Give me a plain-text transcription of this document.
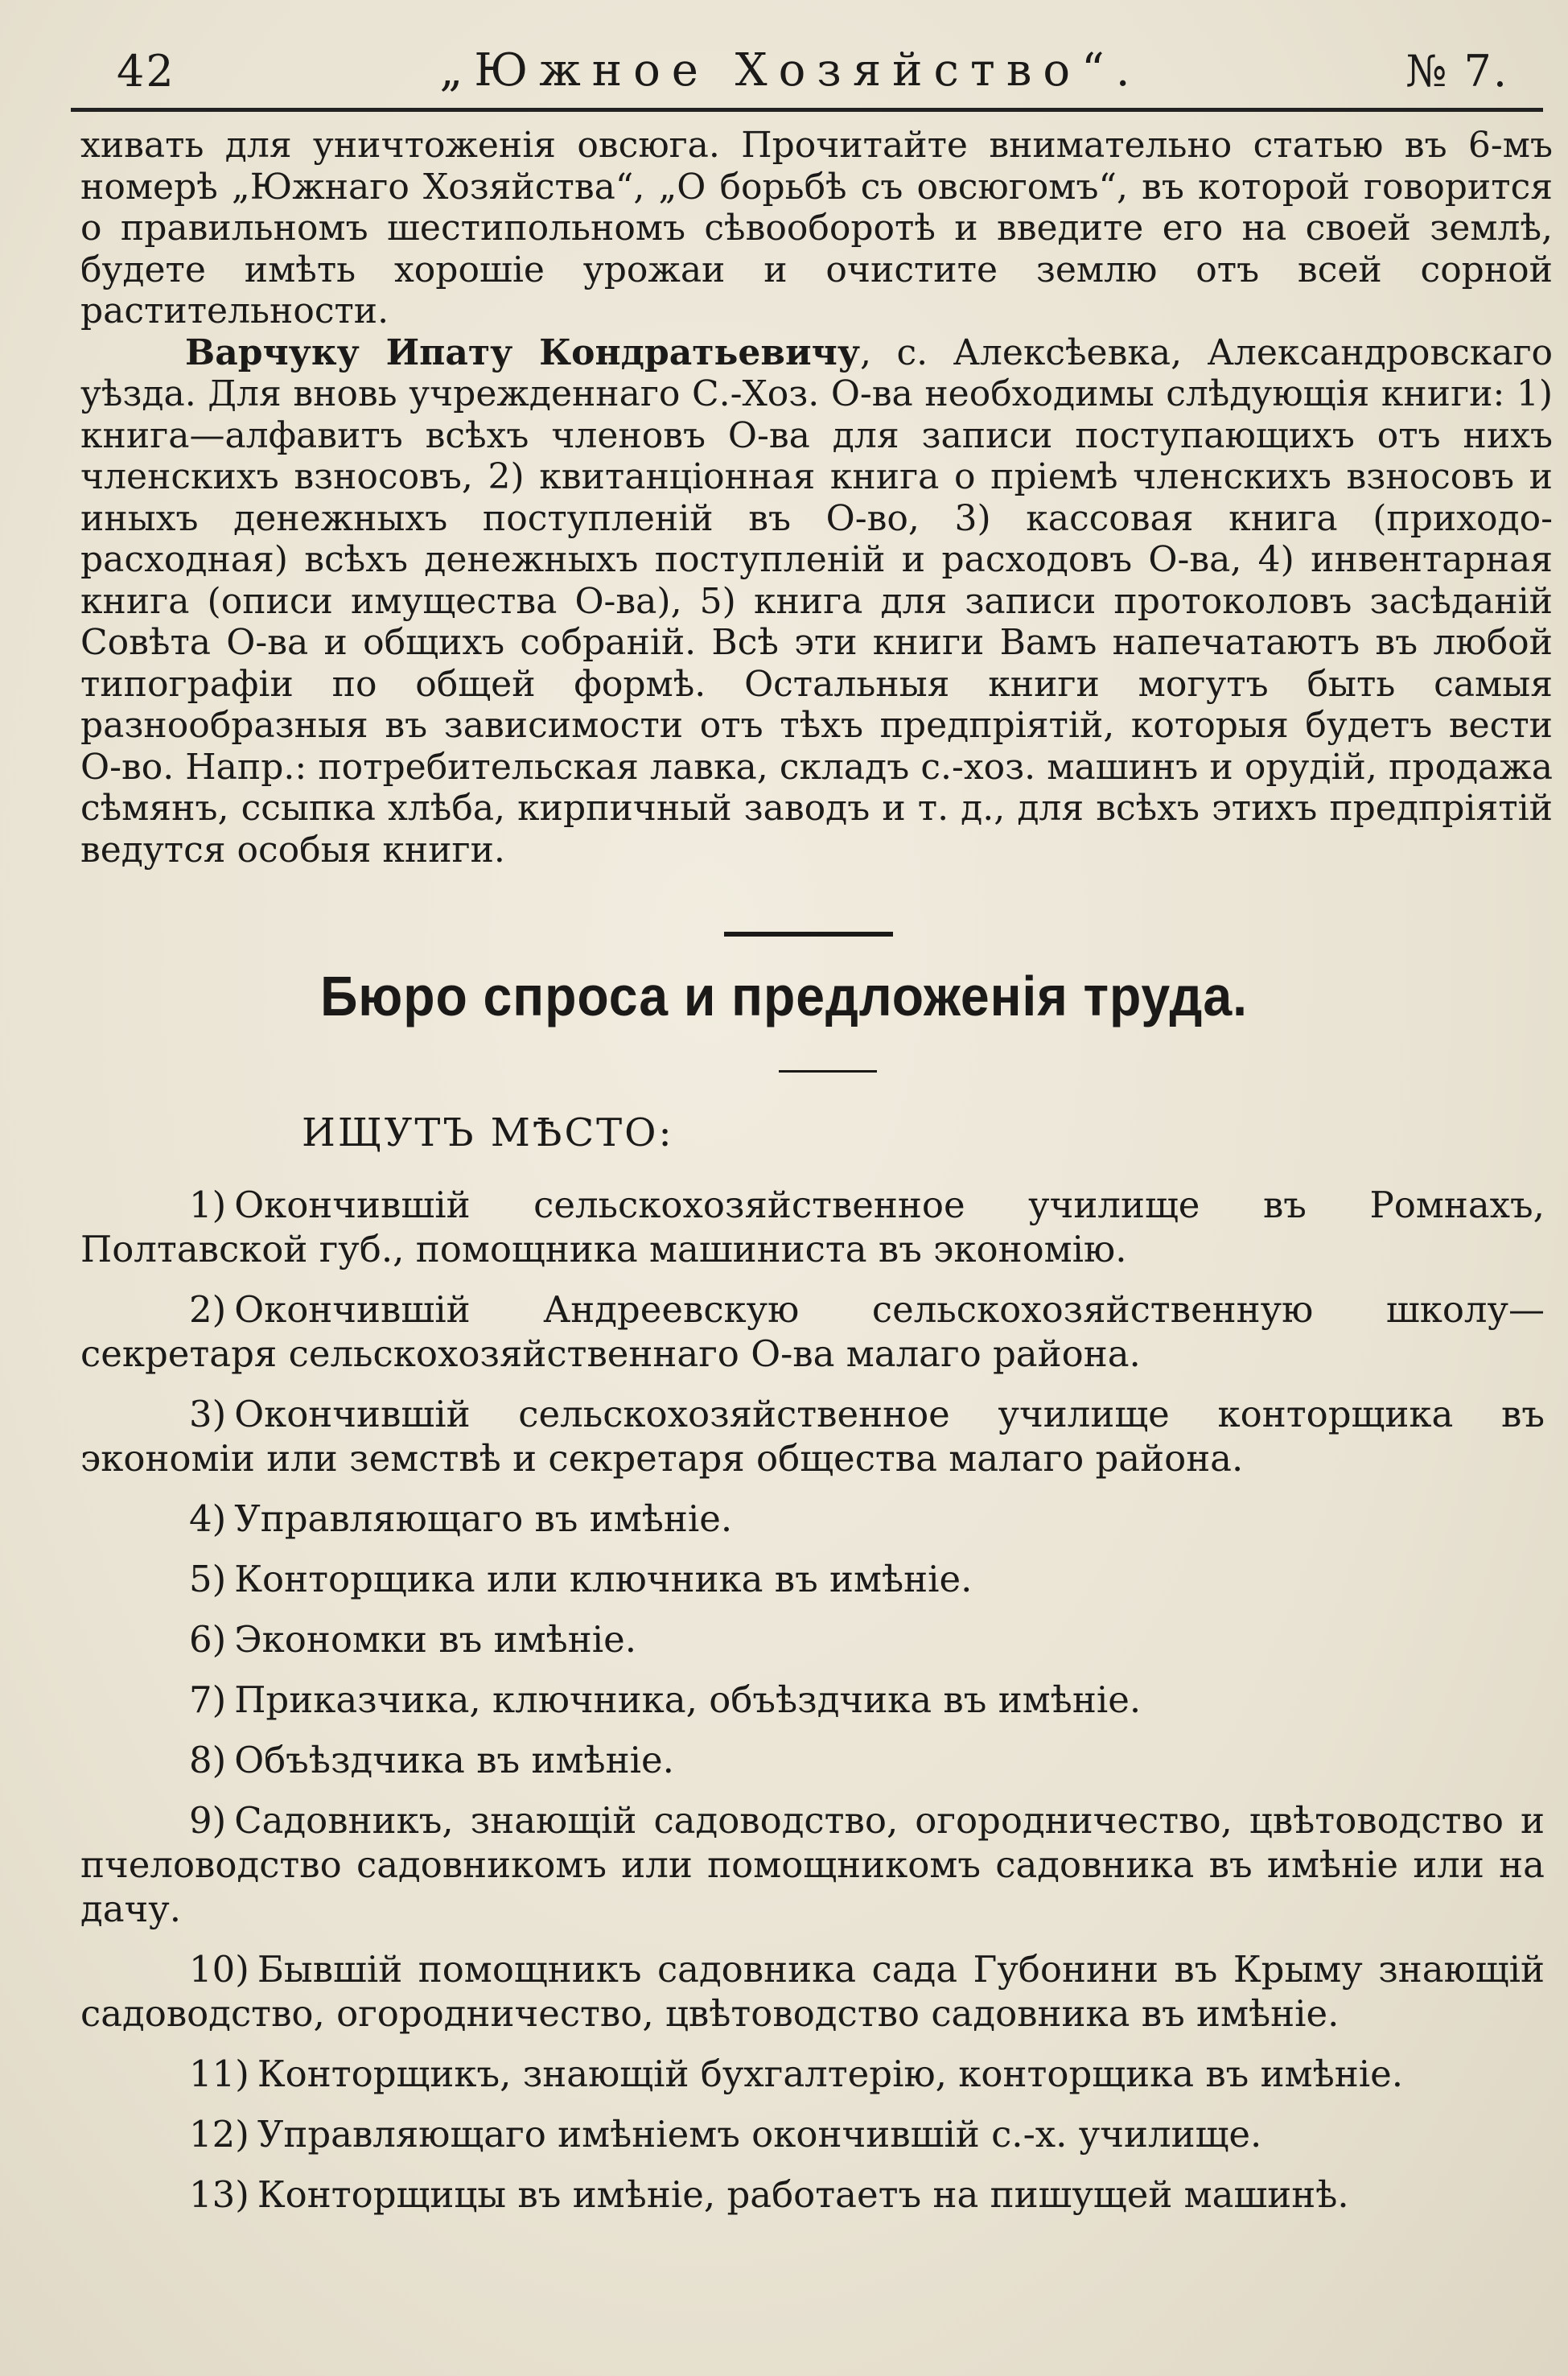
42	„Южное Хозяйство“.	№ 7.

хивать для уничтоженія овсюга. Прочитайте внимательно статью въ 6-мъ номерѣ „Южнаго Хозяйства“, „О борьбѣ съ овсюгомъ“, въ которой говорится о правильномъ шестипольномъ сѣвооборотѣ и введите его на своей землѣ, будете имѣть хорошіе урожаи и очистите землю отъ всей сорной растительности.

Варчуку Ипату Кондратьевичу, с. Алексѣевка, Александровскаго уѣзда. Для вновь учрежденнаго С.-Хоз. О-ва необходимы слѣдующія книги: 1) книга—алфавитъ всѣхъ членовъ О-ва для записи поступающихъ отъ нихъ членскихъ взносовъ, 2) квитанціонная книга о пріемѣ членскихъ взносовъ и иныхъ денежныхъ поступленій въ О-во, 3) кассовая книга (приходо-расходная) всѣхъ денежныхъ поступленій и расходовъ О-ва, 4) инвентарная книга (описи имущества О-ва), 5) книга для записи протоколовъ засѣданій Совѣта О-ва и общихъ собраній. Всѣ эти книги Вамъ напечатаютъ въ любой типографіи по общей формѣ. Остальныя книги могутъ быть самыя разнообразныя въ зависимости отъ тѣхъ предпріятій, которыя будетъ вести О-во. Напр.: потребительская лавка, складъ с.-хоз. машинъ и орудій, продажа сѣмянъ, ссыпка хлѣба, кирпичный заводъ и т. д., для всѣхъ этихъ предпріятій ведутся особыя книги.

Бюро спроса и предложенія труда.
ИЩУТЪ МѢСТО:

1) Окончившій сельскохозяйственное училище въ Ромнахъ, Полтавской губ., помощника машиниста въ экономію.

2) Окончившій Андреевскую сельскохозяйственную школу—секретаря сельскохозяйственнаго О-ва малаго района.

3) Окончившій сельскохозяйственное училище конторщика въ экономіи или земствѣ и секретаря общества малаго района.

4) Управляющаго въ имѣніе.

5) Конторщика или ключника въ имѣніе.

6) Экономки въ имѣніе.

7) Приказчика, ключника, объѣздчика въ имѣніе.

8) Объѣздчика въ имѣніе.

9) Садовникъ, знающій садоводство, огородничество, цвѣтоводство и пчеловодство садовникомъ или помощникомъ садовника въ имѣніе или на дачу.

10) Бывшій помощникъ садовника сада Губонини въ Крыму знающій садоводство, огородничество, цвѣтоводство садовника въ имѣніе.

11) Конторщикъ, знающій бухгалтерію, конторщика въ имѣніе.

12) Управляющаго имѣніемъ окончившій с.-х. училище.

13) Конторщицы въ имѣніе, работаетъ на пишущей машинѣ.
